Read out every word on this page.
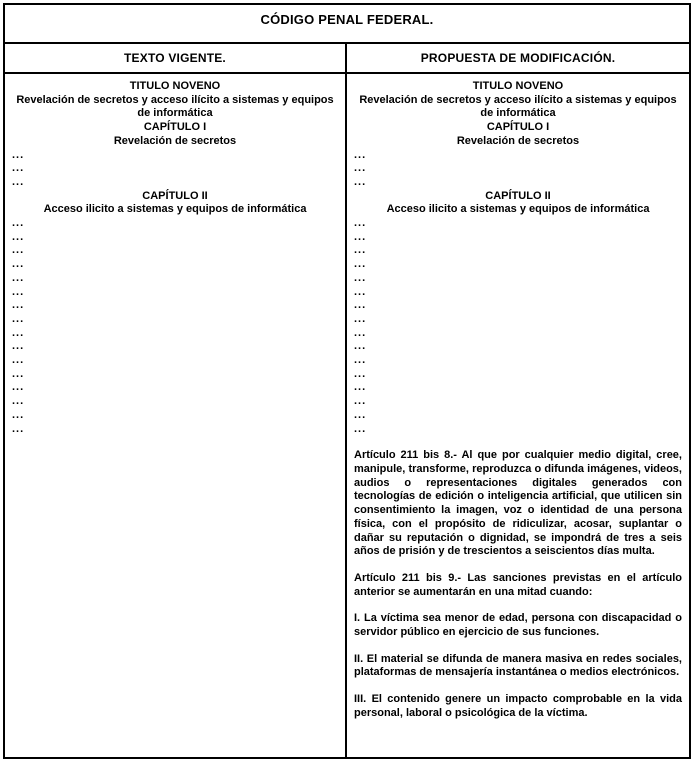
CÓDIGO PENAL FEDERAL.
TEXTO VIGENTE.	PROPUESTA DE MODIFICACIÓN.
TITULO NOVENO
Revelación de secretos y acceso ilícito a sistemas y equipos de informática
CAPÍTULO I
Revelación de secretos
...
...
...
CAPÍTULO II
Acceso ilicito a sistemas y equipos de informática
...
...
...
...
...
...
...
...
...
...
...
...
...
...
...
...
TITULO NOVENO
Revelación de secretos y acceso ilícito a sistemas y equipos de informática
CAPÍTULO I
Revelación de secretos
...
...
...
CAPÍTULO II
Acceso ilicito a sistemas y equipos de informática
...
...
...
...
...
...
...
...
...
...
...
...
...
...
...
...

Artículo 211 bis 8.- Al que por cualquier medio digital, cree, manipule, transforme, reproduzca o difunda imágenes, videos, audios o representaciones digitales generados con tecnologías de edición o inteligencia artificial, que utilicen sin consentimiento la imagen, voz o identidad de una persona física, con el propósito de ridiculizar, acosar, suplantar o dañar su reputación o dignidad, se impondrá de tres a seis años de prisión y de trescientos a seiscientos días multa.

Artículo 211 bis 9.- Las sanciones previstas en el artículo anterior se aumentarán en una mitad cuando:

I. La víctima sea menor de edad, persona con discapacidad o servidor público en ejercicio de sus funciones.

II. El material se difunda de manera masiva en redes sociales, plataformas de mensajería instantánea o medios electrónicos.

III. El contenido genere un impacto comprobable en la vida personal, laboral o psicológica de la víctima.
